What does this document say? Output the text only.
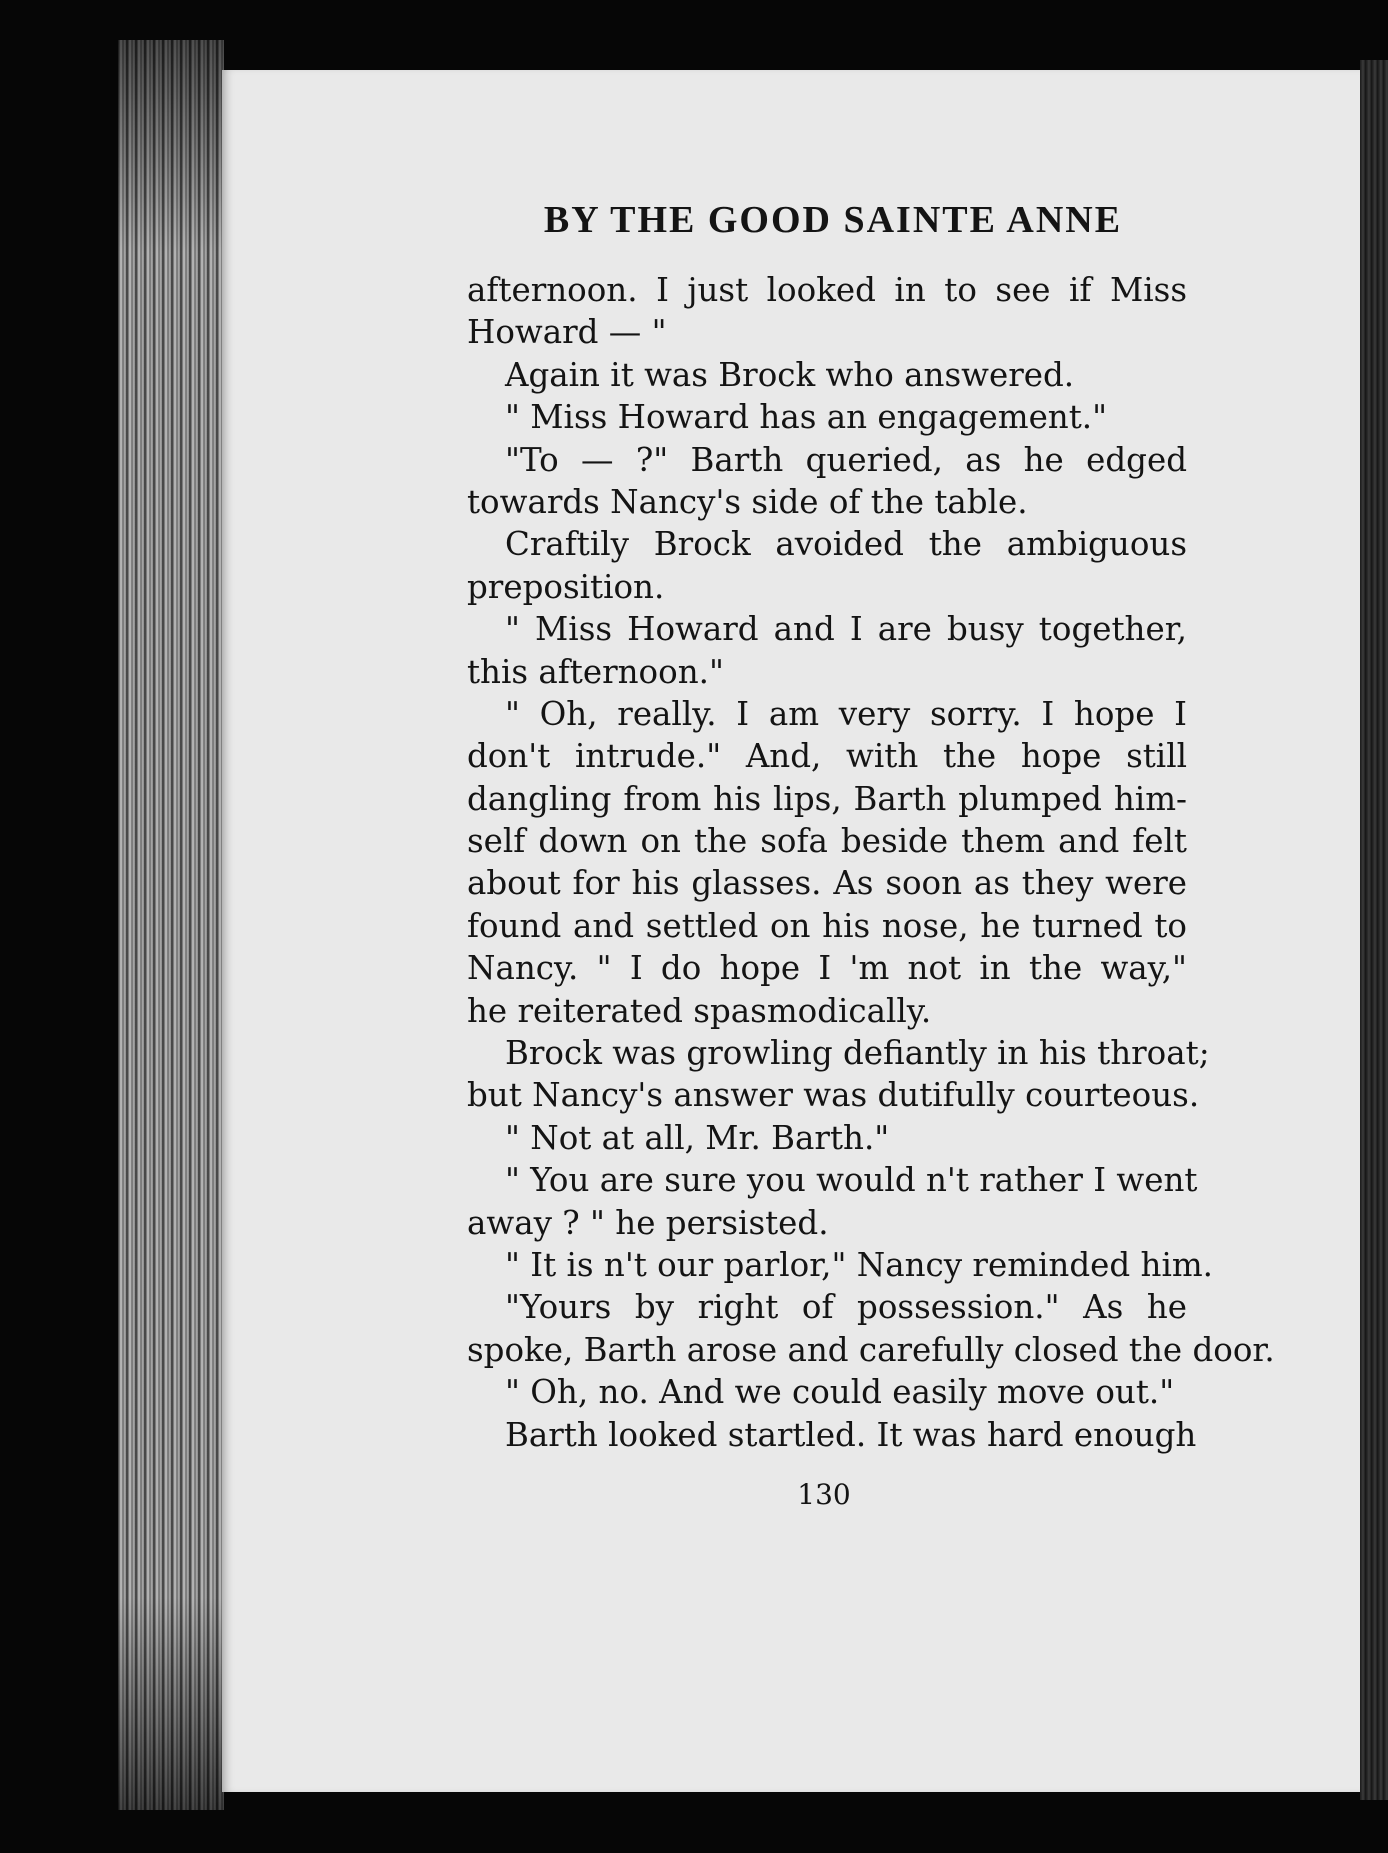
BY THE GOOD SAINTE ANNE
afternoon. I just looked in to see if Miss
Howard — "
Again it was Brock who answered.
" Miss Howard has an engagement."
"To — ?" Barth queried, as he edged
towards Nancy's side of the table.
Craftily Brock avoided the ambiguous
preposition.
" Miss Howard and I are busy together,
this afternoon."
" Oh, really. I am very sorry. I hope I
don't intrude." And, with the hope still
dangling from his lips, Barth plumped him-
self down on the sofa beside them and felt
about for his glasses. As soon as they were
found and settled on his nose, he turned to
Nancy. " I do hope I 'm not in the way,"
he reiterated spasmodically.
Brock was growling defiantly in his throat;
but Nancy's answer was dutifully courteous.
" Not at all, Mr. Barth."
" You are sure you would n't rather I went
away ? " he persisted.
" It is n't our parlor," Nancy reminded him.
"Yours by right of possession." As he
spoke, Barth arose and carefully closed the door.
" Oh, no. And we could easily move out."
Barth looked startled. It was hard enough
130
